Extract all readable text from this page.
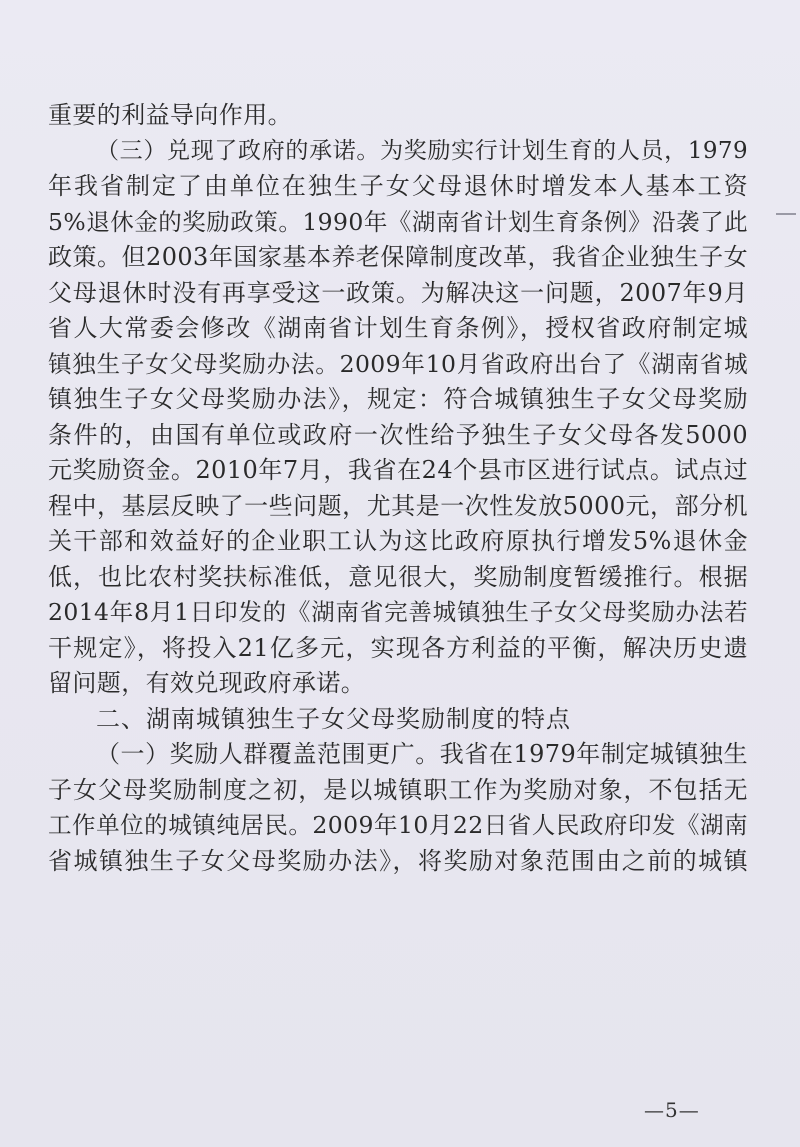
重要的利益导向作用。
（三）兑现了政府的承诺。为奖励实行计划生育的人员，1979
年我省制定了由单位在独生子女父母退休时增发本人基本工资
5%退休金的奖励政策。1990年《湖南省计划生育条例》沿袭了此
政策。但2003年国家基本养老保障制度改革，我省企业独生子女
父母退休时没有再享受这一政策。为解决这一问题，2007年9月
省人大常委会修改《湖南省计划生育条例》，授权省政府制定城
镇独生子女父母奖励办法。2009年10月省政府出台了《湖南省城
镇独生子女父母奖励办法》，规定：符合城镇独生子女父母奖励
条件的，由国有单位或政府一次性给予独生子女父母各发5000
元奖励资金。2010年7月，我省在24个县市区进行试点。试点过
程中，基层反映了一些问题，尤其是一次性发放5000元，部分机
关干部和效益好的企业职工认为这比政府原执行增发5%退休金
低，也比农村奖扶标准低，意见很大，奖励制度暂缓推行。根据
2014年8月1日印发的《湖南省完善城镇独生子女父母奖励办法若
干规定》，将投入21亿多元，实现各方利益的平衡，解决历史遗
留问题，有效兑现政府承诺。
二、湖南城镇独生子女父母奖励制度的特点
（一）奖励人群覆盖范围更广。我省在1979年制定城镇独生
子女父母奖励制度之初，是以城镇职工作为奖励对象，不包括无
工作单位的城镇纯居民。2009年10月22日省人民政府印发《湖南
省城镇独生子女父母奖励办法》，将奖励对象范围由之前的城镇
—5—
